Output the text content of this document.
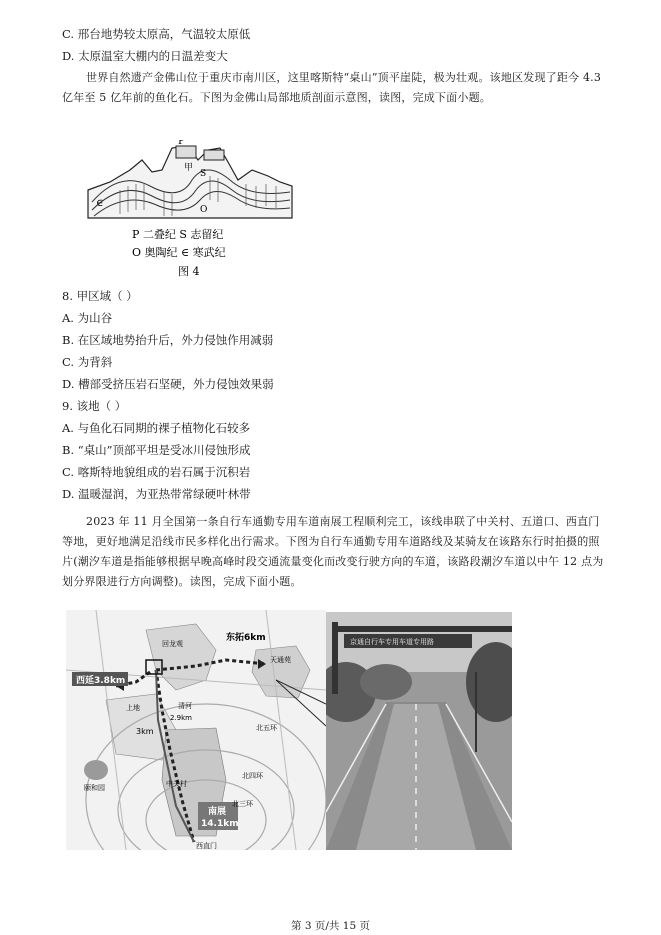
C. 邢台地势较太原高，气温较太原低
D. 太原温室大棚内的日温差变大
世界自然遗产金佛山位于重庆市南川区，这里喀斯特“桌山”顶平崖陡，极为壮观。该地区发现了距今 4.3 亿年至 5 亿年前的鱼化石。下图为金佛山局部地质剖面示意图，读图，完成下面小题。
P
甲
S
O
∈
P 二叠纪 S 志留纪
O 奥陶纪 ∈ 寒武纪
图 4
8. 甲区域（ ）
A. 为山谷
B. 在区域地势抬升后，外力侵蚀作用减弱
C. 为背斜
D. 槽部受挤压岩石坚硬，外力侵蚀效果弱
9. 该地（ ）
A. 与鱼化石同期的裸子植物化石较多
B. “桌山”顶部平坦是受冰川侵蚀形成
C. 喀斯特地貌组成的岩石属于沉积岩
D. 温暖湿润，为亚热带常绿硬叶林带
2023 年 11 月全国第一条自行车通勤专用车道南展工程顺利完工，该线串联了中关村、五道口、西直门等地，更好地满足沿线市民多样化出行需求。下图为自行车通勤专用车道路线及某骑友在该路东行时拍摄的照片(潮汐车道是指能够根据早晚高峰时段交通流量变化而改变行驶方向的车道，该路段潮汐车道以中午 12 点为划分界限进行方向调整)。读图，完成下面小题。
东拓6km
西延3.8km
南展
14.1km
3km
2.9km
北五环
北四环
北三环
西直门
天通苑
回龙观
上地	清河
颐和园	中关村
京通自行车专用车道专用路
第 3 页/共 15 页
